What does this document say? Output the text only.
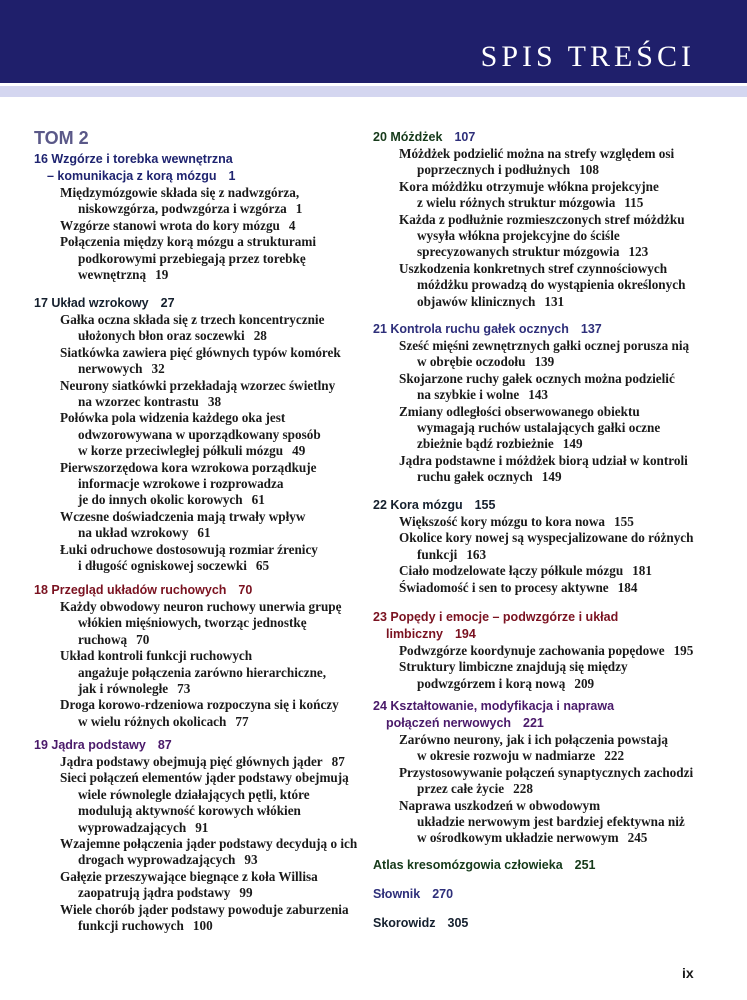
SPIS TREŚCI
TOM 2
16 Wzgórze i torebka wewnętrzna
– komunikacja z korą mózgu 1
Międzymózgowie składa się z nadwzgórza,
niskowzgórza, podwzgórza i wzgórza 1
Wzgórze stanowi wrota do kory mózgu 4
Połączenia między korą mózgu a strukturami
podkorowymi przebiegają przez torebkę
wewnętrzną 19
17 Układ wzrokowy 27
Gałka oczna składa się z trzech koncentrycznie
ułożonych błon oraz soczewki 28
Siatkówka zawiera pięć głównych typów komórek
nerwowych 32
Neurony siatkówki przekładają wzorzec świetlny
na wzorzec kontrastu 38
Połówka pola widzenia każdego oka jest
odwzorowywana w uporządkowany sposób
w korze przeciwległej półkuli mózgu 49
Pierwszorzędowa kora wzrokowa porządkuje
informacje wzrokowe i rozprowadza
je do innych okolic korowych 61
Wczesne doświadczenia mają trwały wpływ
na układ wzrokowy 61
Łuki odruchowe dostosowują rozmiar źrenicy
i długość ogniskowej soczewki 65
18 Przegląd układów ruchowych 70
Każdy obwodowy neuron ruchowy unerwia grupę
włókien mięśniowych, tworząc jednostkę
ruchową 70
Układ kontroli funkcji ruchowych
angażuje połączenia zarówno hierarchiczne,
jak i równoległe 73
Droga korowo-rdzeniowa rozpoczyna się i kończy
w wielu różnych okolicach 77
19 Jądra podstawy 87
Jądra podstawy obejmują pięć głównych jąder 87
Sieci połączeń elementów jąder podstawy obejmują
wiele równolegle działających pętli, które
modulują aktywność korowych włókien
wyprowadzających 91
Wzajemne połączenia jąder podstawy decydują o ich
drogach wyprowadzających 93
Gałęzie przeszywające biegnące z koła Willisa
zaopatrują jądra podstawy 99
Wiele chorób jąder podstawy powoduje zaburzenia
funkcji ruchowych 100
20 Móżdżek 107
Móżdżek podzielić można na strefy względem osi
poprzecznych i podłużnych 108
Kora móżdżku otrzymuje włókna projekcyjne
z wielu różnych struktur mózgowia 115
Każda z podłużnie rozmieszczonych stref móżdżku
wysyła włókna projekcyjne do ściśle
sprecyzowanych struktur mózgowia 123
Uszkodzenia konkretnych stref czynnościowych
móżdżku prowadzą do wystąpienia określonych
objawów klinicznych 131
21 Kontrola ruchu gałek ocznych 137
Sześć mięśni zewnętrznych gałki ocznej porusza nią
w obrębie oczodołu 139
Skojarzone ruchy gałek ocznych można podzielić
na szybkie i wolne 143
Zmiany odległości obserwowanego obiektu
wymagają ruchów ustalających gałki oczne
zbieżnie bądź rozbieżnie 149
Jądra podstawne i móżdżek biorą udział w kontroli
ruchu gałek ocznych 149
22 Kora mózgu 155
Większość kory mózgu to kora nowa 155
Okolice kory nowej są wyspecjalizowane do różnych
funkcji 163
Ciało modzelowate łączy półkule mózgu 181
Świadomość i sen to procesy aktywne 184
23 Popędy i emocje – podwzgórze i układ
limbiczny 194
Podwzgórze koordynuje zachowania popędowe 195
Struktury limbiczne znajdują się między
podwzgórzem i korą nową 209
24 Kształtowanie, modyfikacja i naprawa
połączeń nerwowych 221
Zarówno neurony, jak i ich połączenia powstają
w okresie rozwoju w nadmiarze 222
Przystosowywanie połączeń synaptycznych zachodzi
przez całe życie 228
Naprawa uszkodzeń w obwodowym
układzie nerwowym jest bardziej efektywna niż
w ośrodkowym układzie nerwowym 245
Atlas kresomózgowia człowieka 251
Słownik 270
Skorowidz 305
ix
